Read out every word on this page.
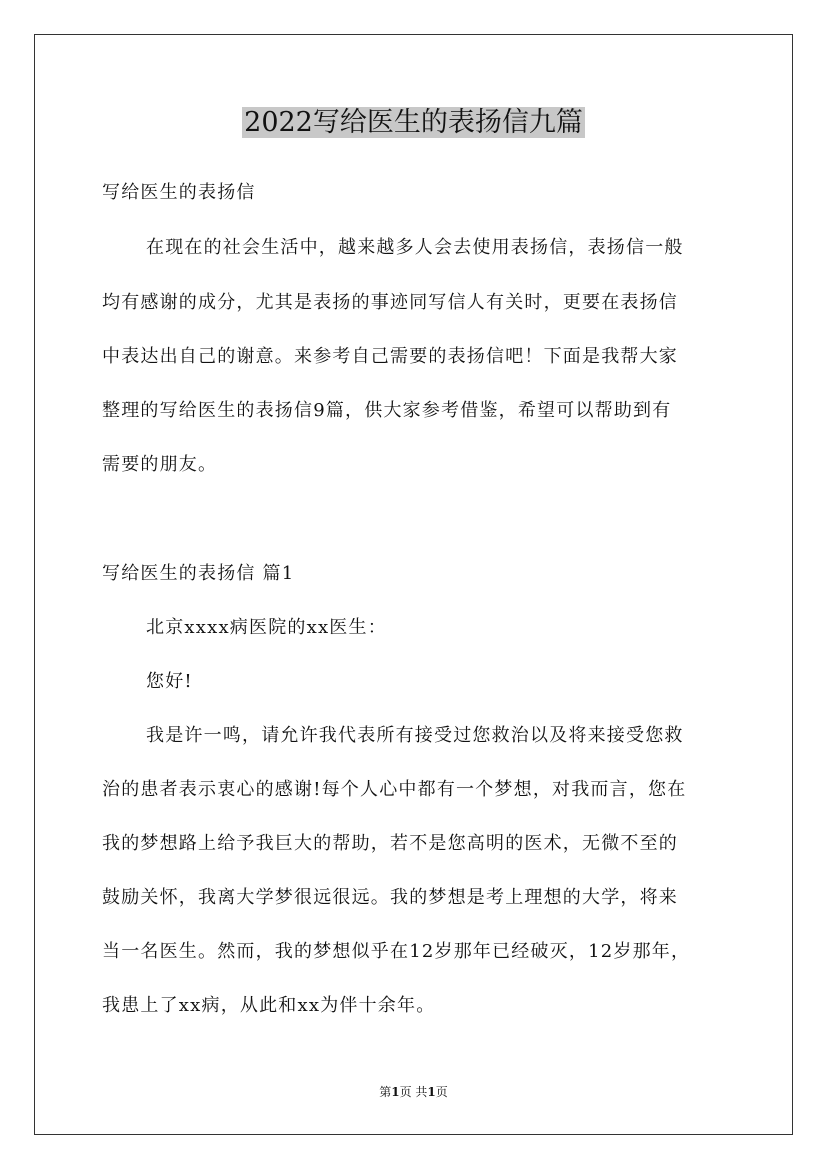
2022写给医生的表扬信九篇
写给医生的表扬信
在现在的社会生活中，越来越多人会去使用表扬信，表扬信一般
均有感谢的成分，尤其是表扬的事迹同写信人有关时，更要在表扬信
中表达出自己的谢意。来参考自己需要的表扬信吧！下面是我帮大家
整理的写给医生的表扬信9篇，供大家参考借鉴，希望可以帮助到有
需要的朋友。
写给医生的表扬信 篇1
北京xxxx病医院的xx医生：
您好!
我是许一鸣，请允许我代表所有接受过您救治以及将来接受您救
治的患者表示衷心的感谢!每个人心中都有一个梦想，对我而言，您在
我的梦想路上给予我巨大的帮助，若不是您高明的医术，无微不至的
鼓励关怀，我离大学梦很远很远。我的梦想是考上理想的大学，将来
当一名医生。然而，我的梦想似乎在12岁那年已经破灭，12岁那年，
我患上了xx病，从此和xx为伴十余年。
第1页 共1页
